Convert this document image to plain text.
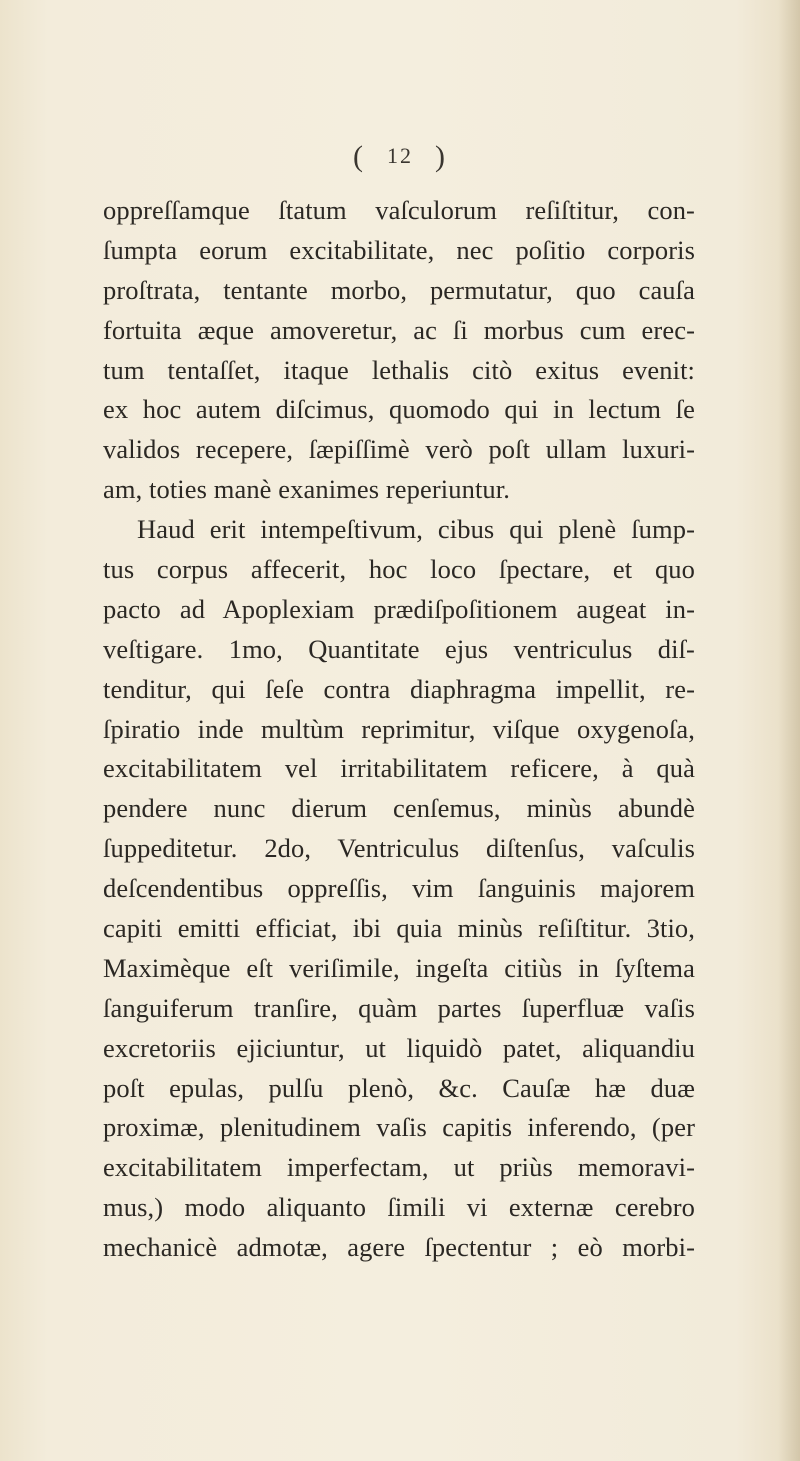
( 12 )
oppreſſamque ſtatum vaſculorum reſiſtitur, con-
ſumpta eorum excitabilitate, nec poſitio corporis
proſtrata, tentante morbo, permutatur, quo cauſa
fortuita æque amoveretur, ac ſi morbus cum erec-
tum tentaſſet, itaque lethalis citò exitus evenit:
ex hoc autem diſcimus, quomodo qui in lectum ſe
validos recepere, ſæpiſſimè verò poſt ullam luxuri-
am, toties manè exanimes reperiuntur.
Haud erit intempeſtivum, cibus qui plenè ſump-
tus corpus affecerit, hoc loco ſpectare, et quo
pacto ad Apoplexiam prædiſpoſitionem augeat in-
veſtigare. 1mo, Quantitate ejus ventriculus diſ-
tenditur, qui ſeſe contra diaphragma impellit, re-
ſpiratio inde multùm reprimitur, viſque oxygenoſa,
excitabilitatem vel irritabilitatem reficere, à quà
pendere nunc dierum cenſemus, minùs abundè
ſuppeditetur. 2do, Ventriculus diſtenſus, vaſculis
deſcendentibus oppreſſis, vim ſanguinis majorem
capiti emitti efficiat, ibi quia minùs reſiſtitur. 3tio,
Maximèque eſt veriſimile, ingeſta citiùs in ſyſtema
ſanguiferum tranſire, quàm partes ſuperfluæ vaſis
excretoriis ejiciuntur, ut liquidò patet, aliquandiu
poſt epulas, pulſu plenò, &c. Cauſæ hæ duæ
proximæ, plenitudinem vaſis capitis inferendo, (per
excitabilitatem imperfectam, ut priùs memoravi-
mus,) modo aliquanto ſimili vi externæ cerebro
mechanicè admotæ, agere ſpectentur ; eò morbi-
